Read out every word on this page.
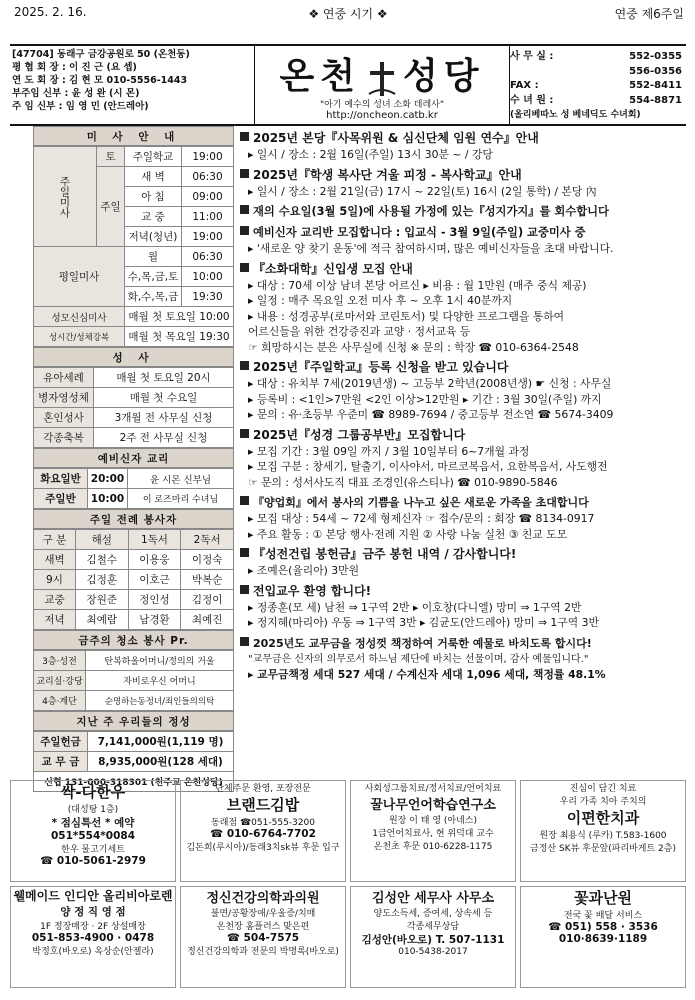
2025. 2. 16.	❖ 연중 시기 ❖	연중 제6주일
[47704] 동래구 금강공원로 50 (온천동)
평 협 회 장 : 이 진 근 (요 셉)
연 도 회 장 : 김 현 모 010-5556-1443
부주임 신부 : 윤 성 완 (시 몬)
주 임 신부 : 임 영 민 (안드레아)
온천 성당
"아기 예수의 성녀 소화 데레사"
http://oncheon.catb.kr
사 무 실 :	552-0355
556-0356
FAX :	552-8411
수 녀 원 :	554-8871
(올리베따노 성 베네딕도 수녀회)
미 사 안 내
주일미사	토	주일학교	19:00
	주일	새 벽	06:30
		아 침	09:00
		교 중	11:00
		저녁(청년)	19:00
평일미사		월	06:30
		수,목,금,토	10:00
		화,수,목,금	19:30
성모신심미사		매월 첫 토요일 10:00	
성시간/성체강복		매월 첫 목요일 19:30	
성 사
유아세례	매월 첫 토요일 20시
병자영성체	매월 첫 수요일
혼인성사	3개월 전 사무실 신청
각종축복	2주 전 사무실 신청
예비신자 교리
화요일반	20:00	윤 시몬 신부님
주일반	10:00	이 로즈마리 수녀님
주일 전례 봉사자
구 분	해설	1독서	2독서
새벽	김철수	이용웅	이정숙
9시	김정훈	이호근	박복순
교중	장원준	정인성	김정이
저녁	최예람	남경환	최예진
금주의 청소 봉사 Pr.
3층·성전	탄복하올어머니/정의의 거울
교리실·강당	자비로우신 어머니
4층·계단	순명하는동정녀/죄인들의의탁
지난 주 우리들의 정성
주일헌금	7,141,000원(1,119 명)
교 무 금	8,935,000원(128 세대)
신협 131-000-318301 (천주교 온천성당)	
2025년 본당『사목위원 & 심신단체 임원 연수』안내
▸ 일시 / 장소 : 2월 16일(주일) 13시 30분 ~ / 강당
2025년『학생 복사단 겨울 피정 - 복사학교』안내
▸ 일시 / 장소 : 2월 21일(금) 17시 ~ 22일(토) 16시 (2일 통학) / 본당 內
재의 수요일(3월 5일)에 사용될 가정에 있는『성지가지』를 회수합니다
예비신자 교리반 모집합니다 : 입교식 - 3월 9일(주일) 교중미사 중
▸ '새로운 양 찾기 운동'에 적극 참여하시며, 많은 예비신자들을 초대 바랍니다.
『소화대학』신입생 모집 안내
▸ 대상 : 70세 이상 남녀 본당 어르신 ▸ 비용 : 월 1만원 (매주 중식 제공)
▸ 일정 : 매주 목요일 오전 미사 후 ~ 오후 1시 40분까지
▸ 내용 : 성경공부(로마서와 코린토서) 및 다양한 프로그램을 통하여
어르신들을 위한 건강증진과 교양 · 정서교육 등
☞ 희망하시는 분은 사무실에 신청 ※ 문의 : 학장 ☎ 010-6364-2548
2025년『주일학교』등록 신청을 받고 있습니다
▸ 대상 : 유치부 7세(2019년생) ~ 고등부 2학년(2008년생) ☛ 신청 : 사무실
▸ 등록비 : <1인>7만원 <2인 이상>12만원 ▸ 기간 : 3월 30일(주일) 까지
▸ 문의 : 유·초등부 우준미 ☎ 8989-7694 / 중고등부 전소연 ☎ 5674-3409
2025년『성경 그룹공부반』모집합니다
▸ 모집 기간 : 3월 09일 까지 / 3월 10일부터 6~7개월 과정
▸ 모집 구분 : 창세기, 탈출기, 이사야서, 마르코복음서, 요한복음서, 사도행전
☞ 문의 : 성서사도직 대표 조경인(유스티나) ☎ 010-9890-5846
『양업회』에서 봉사의 기쁨을 나누고 싶은 새로운 가족을 초대합니다
▸ 모집 대상 : 54세 ~ 72세 형제신자 ☞ 접수/문의 : 회장 ☎ 8134-0917
▸ 주요 활동 : ① 본당 행사·전례 지원 ② 사랑 나눔 실천 ③ 친교 도모
『성전건립 봉헌금』금주 봉헌 내역 / 감사합니다!
▸ 조예은(율리아) 3만원
전입교우 환영 합니다!
▸ 정종훈(모 세) 남천 ⇒ 1구역 2반 ▸ 이호창(다니엘) 망미 ⇒ 1구역 2반
▸ 정지혜(마리아) 우동 ⇒ 1구역 3반 ▸ 김균도(안드레아) 망미 ⇒ 1구역 3반
2025년도 교무금을 정성껏 책정하여 거룩한 예물로 바치도록 합시다!
"교무금은 신자의 의무로서 하느님 제단에 바치는 선물이며, 감사 예물입니다."
▸ 교무금책정 세대 527 세대 / 수계신자 세대 1,096 세대, 책정률 48.1%
싹-다한우
(대성탕 1층)
* 점심특선 * 예약 051*554*0084
한우 물고기세트
☎ 010-5061-2979
단체주문 환영, 포장전문
브랜드김밥
동래점 ☎051-555-3200
☎ 010-6764-7702
김돈희(루시아)/동래3치sk뷰 후문 입구
사회성그룹치료/정서치료/언어치료
꿀나무언어학습연구소
원장 이 태 영 (아네스)
1급언어치료사, 현 위덕대 교수
온천초 후문 010-6228-1175
진심이 담긴 치료
우리 가족 치아 주치의
이편한치과
원장 최용식 (루카) T.583-1600
금정산 SK뷰 후문앞(파리바게트 2층)
웰메이드 인디안 올리비아로렌
양 정 직 영 점
1F 정장매장 · 2F 상설매장
051-853-4900 · 0478
박정호(바오로) 옥상순(안젤라)
정신건강의학과의원
불면/공황장애/우울증/치매
온천장 홈플러스 맞은편
☎ 504-7575
정신건강의학과 전문의 박명록(바오로)
김성안 세무사 사무소
양도소득세, 증여세, 상속세 등
각종세무상담
김성안(바오로) T. 507-1131
010-5438-2017
꽃과난원
전국 꽃 배달 서비스
☎ 051) 558 · 3536
010·8639·1189
